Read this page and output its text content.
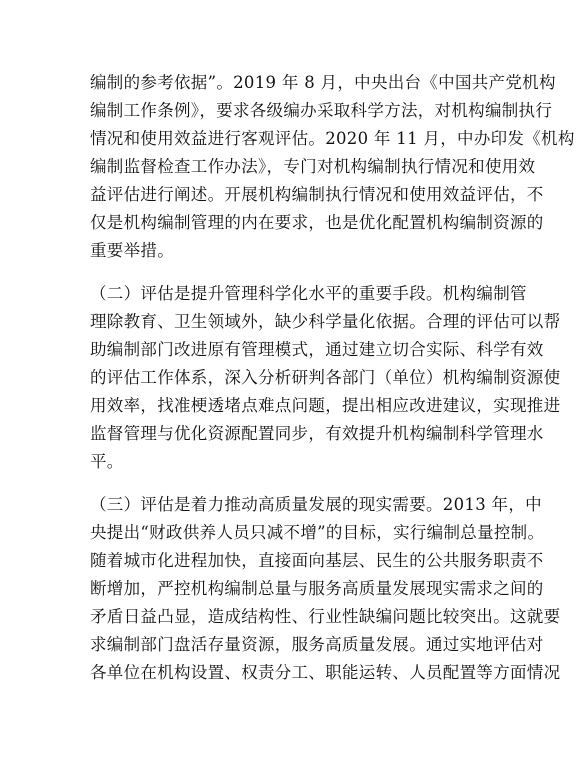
编制的参考依据”。2019 年 8 月，中央出台《中国共产党机构
编制工作条例》，要求各级编办采取科学方法，对机构编制执行
情况和使用效益进行客观评估。2020 年 11 月，中办印发《机构
编制监督检查工作办法》，专门对机构编制执行情况和使用效
益评估进行阐述。开展机构编制执行情况和使用效益评估，不
仅是机构编制管理的内在要求，也是优化配置机构编制资源的
重要举措。
（二）评估是提升管理科学化水平的重要手段。机构编制管
理除教育、卫生领域外，缺少科学量化依据。合理的评估可以帮
助编制部门改进原有管理模式，通过建立切合实际、科学有效
的评估工作体系，深入分析研判各部门（单位）机构编制资源使
用效率，找准梗透堵点难点问题，提出相应改进建议，实现推进
监督管理与优化资源配置同步，有效提升机构编制科学管理水
平。
（三）评估是着力推动高质量发展的现实需要。2013 年，中
央提出“财政供养人员只减不增”的目标，实行编制总量控制。
随着城市化进程加快，直接面向基层、民生的公共服务职责不
断增加，严控机构编制总量与服务高质量发展现实需求之间的
矛盾日益凸显，造成结构性、行业性缺编问题比较突出。这就要
求编制部门盘活存量资源，服务高质量发展。通过实地评估对
各单位在机构设置、权责分工、职能运转、人员配置等方面情况
